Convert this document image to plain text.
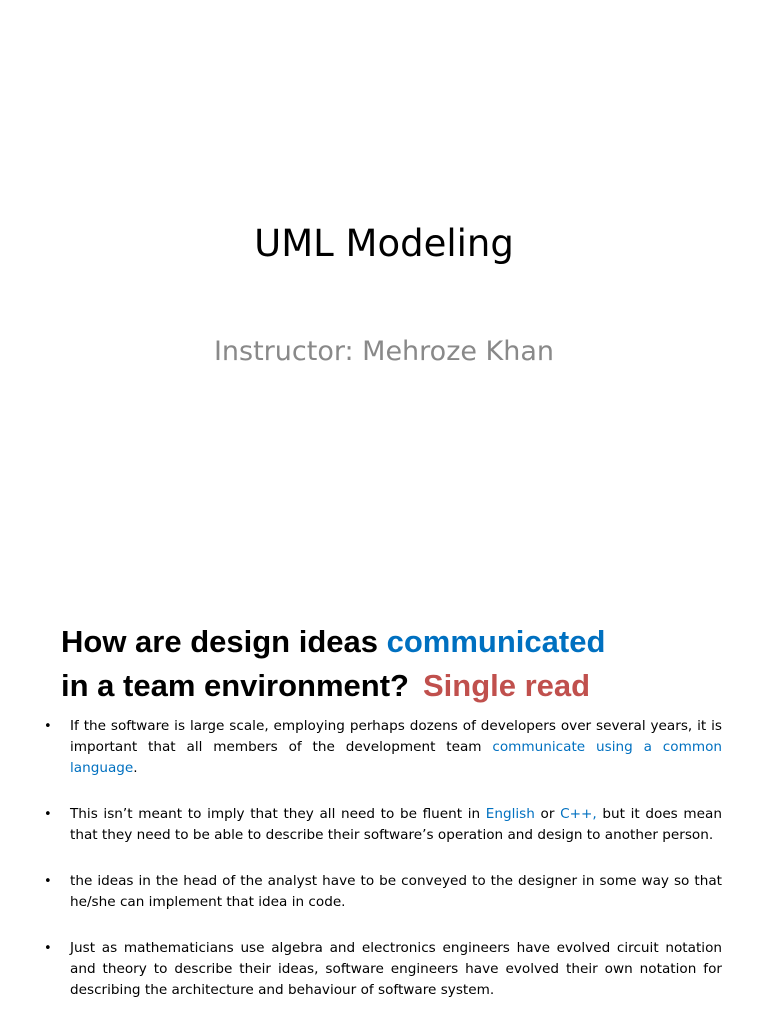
UML Modeling
Instructor: Mehroze Khan
How are design ideas communicated
in a team environment? Single read
• If the software is large scale, employing perhaps dozens of developers over several years, it is important that all members of the development team communicate using a common language.
• This isn’t meant to imply that they all need to be fluent in English or C++, but it does mean that they need to be able to describe their software’s operation and design to another person.
• the ideas in the head of the analyst have to be conveyed to the designer in some way so that he/she can implement that idea in code.
• Just as mathematicians use algebra and electronics engineers have evolved circuit notation and theory to describe their ideas, software engineers have evolved their own notation for describing the architecture and behaviour of software system.
